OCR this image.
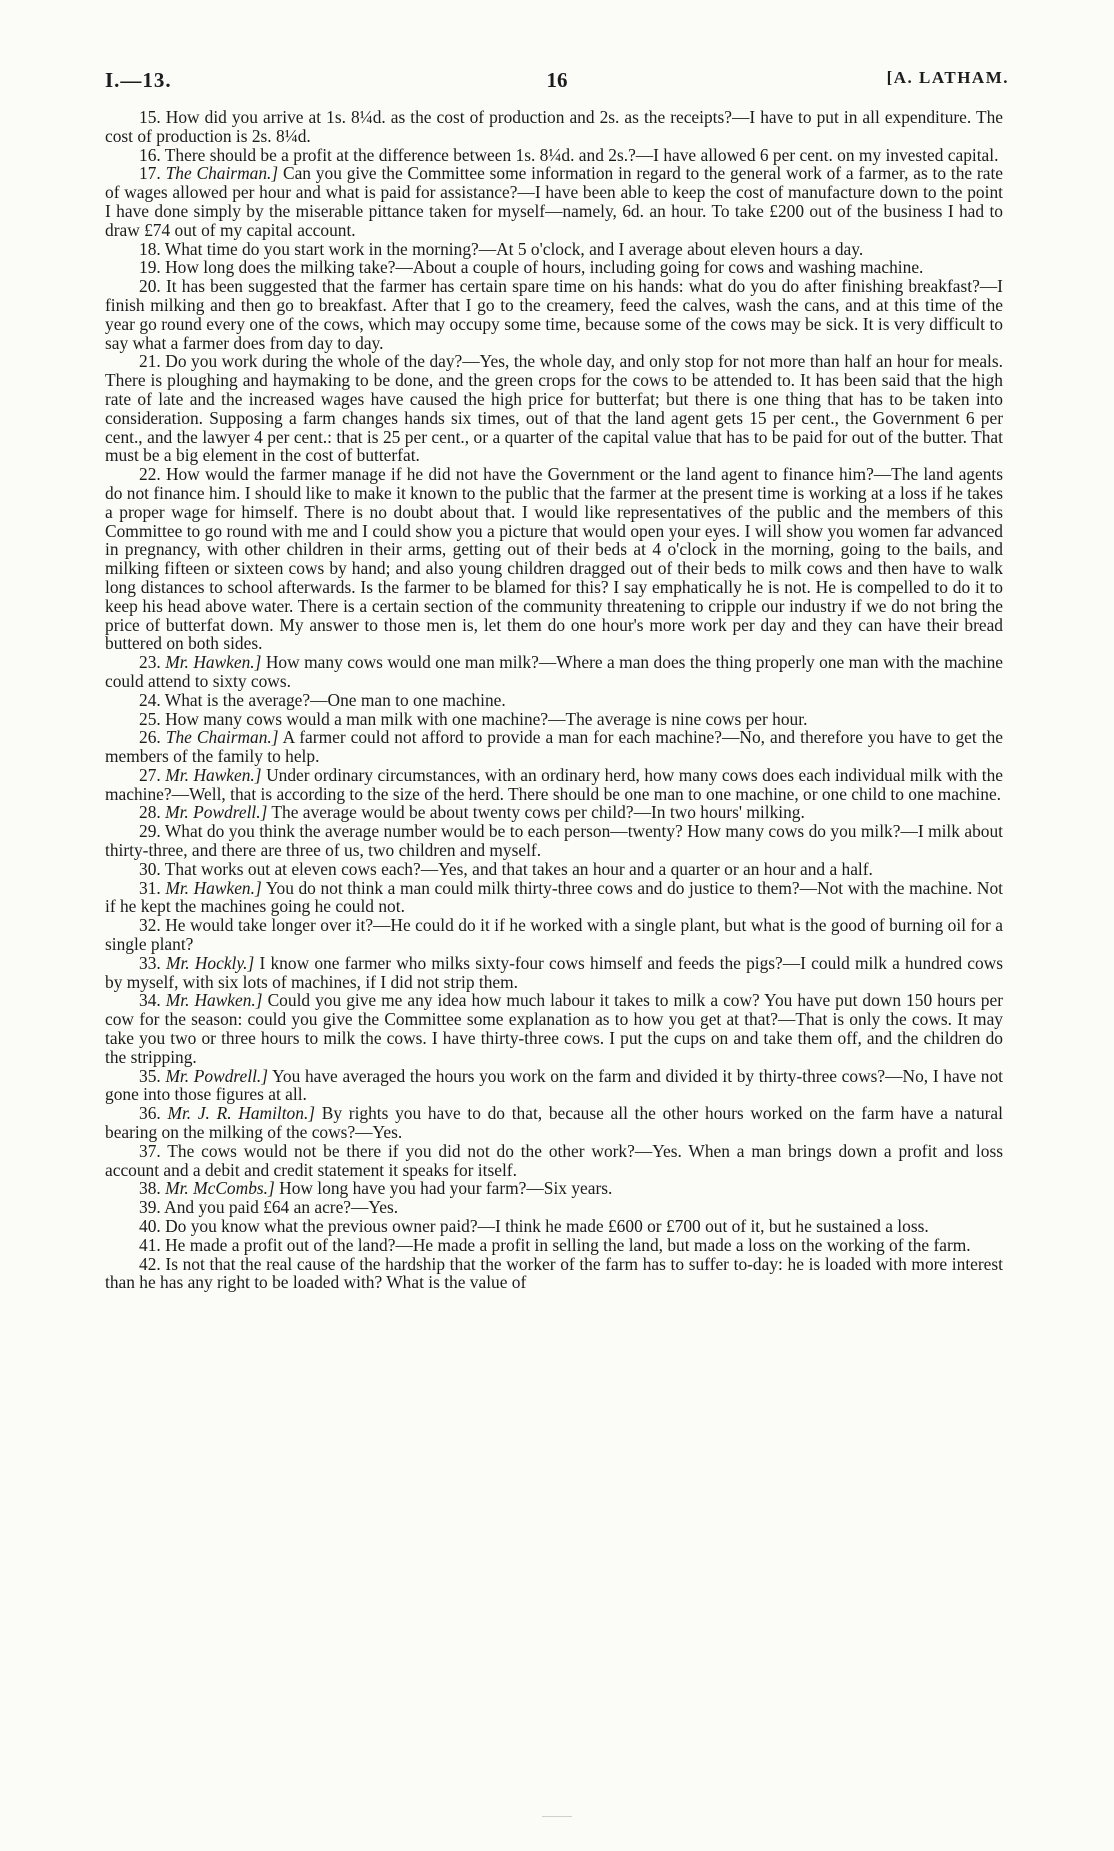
I.—13.	16	[A. LATHAM.

15. How did you arrive at 1s. 8¼d. as the cost of production and 2s. as the receipts?—I have to put in all expenditure. The cost of production is 2s. 8¼d.

16. There should be a profit at the difference between 1s. 8¼d. and 2s.?—I have allowed 6 per cent. on my invested capital.

17. The Chairman.] Can you give the Committee some information in regard to the general work of a farmer, as to the rate of wages allowed per hour and what is paid for assistance?—I have been able to keep the cost of manufacture down to the point I have done simply by the miserable pittance taken for myself—namely, 6d. an hour. To take £200 out of the business I had to draw £74 out of my capital account.

18. What time do you start work in the morning?—At 5 o'clock, and I average about eleven hours a day.

19. How long does the milking take?—About a couple of hours, including going for cows and washing machine.

20. It has been suggested that the farmer has certain spare time on his hands: what do you do after finishing breakfast?—I finish milking and then go to breakfast. After that I go to the creamery, feed the calves, wash the cans, and at this time of the year go round every one of the cows, which may occupy some time, because some of the cows may be sick. It is very difficult to say what a farmer does from day to day.

21. Do you work during the whole of the day?—Yes, the whole day, and only stop for not more than half an hour for meals. There is ploughing and haymaking to be done, and the green crops for the cows to be attended to. It has been said that the high rate of late and the increased wages have caused the high price for butterfat; but there is one thing that has to be taken into consideration. Supposing a farm changes hands six times, out of that the land agent gets 15 per cent., the Government 6 per cent., and the lawyer 4 per cent.: that is 25 per cent., or a quarter of the capital value that has to be paid for out of the butter. That must be a big element in the cost of butterfat.

22. How would the farmer manage if he did not have the Government or the land agent to finance him?—The land agents do not finance him. I should like to make it known to the public that the farmer at the present time is working at a loss if he takes a proper wage for himself. There is no doubt about that. I would like representatives of the public and the members of this Committee to go round with me and I could show you a picture that would open your eyes. I will show you women far advanced in pregnancy, with other children in their arms, getting out of their beds at 4 o'clock in the morning, going to the bails, and milking fifteen or sixteen cows by hand; and also young children dragged out of their beds to milk cows and then have to walk long distances to school afterwards. Is the farmer to be blamed for this? I say emphatically he is not. He is compelled to do it to keep his head above water. There is a certain section of the community threatening to cripple our industry if we do not bring the price of butterfat down. My answer to those men is, let them do one hour's more work per day and they can have their bread buttered on both sides.

23. Mr. Hawken.] How many cows would one man milk?—Where a man does the thing properly one man with the machine could attend to sixty cows.

24. What is the average?—One man to one machine.

25. How many cows would a man milk with one machine?—The average is nine cows per hour.

26. The Chairman.] A farmer could not afford to provide a man for each machine?—No, and therefore you have to get the members of the family to help.

27. Mr. Hawken.] Under ordinary circumstances, with an ordinary herd, how many cows does each individual milk with the machine?—Well, that is according to the size of the herd. There should be one man to one machine, or one child to one machine.

28. Mr. Powdrell.] The average would be about twenty cows per child?—In two hours' milking.

29. What do you think the average number would be to each person—twenty? How many cows do you milk?—I milk about thirty-three, and there are three of us, two children and myself.

30. That works out at eleven cows each?—Yes, and that takes an hour and a quarter or an hour and a half.

31. Mr. Hawken.] You do not think a man could milk thirty-three cows and do justice to them?—Not with the machine. Not if he kept the machines going he could not.

32. He would take longer over it?—He could do it if he worked with a single plant, but what is the good of burning oil for a single plant?

33. Mr. Hockly.] I know one farmer who milks sixty-four cows himself and feeds the pigs?—I could milk a hundred cows by myself, with six lots of machines, if I did not strip them.

34. Mr. Hawken.] Could you give me any idea how much labour it takes to milk a cow? You have put down 150 hours per cow for the season: could you give the Committee some explanation as to how you get at that?—That is only the cows. It may take you two or three hours to milk the cows. I have thirty-three cows. I put the cups on and take them off, and the children do the stripping.

35. Mr. Powdrell.] You have averaged the hours you work on the farm and divided it by thirty-three cows?—No, I have not gone into those figures at all.

36. Mr. J. R. Hamilton.] By rights you have to do that, because all the other hours worked on the farm have a natural bearing on the milking of the cows?—Yes.

37. The cows would not be there if you did not do the other work?—Yes. When a man brings down a profit and loss account and a debit and credit statement it speaks for itself.

38. Mr. McCombs.] How long have you had your farm?—Six years.

39. And you paid £64 an acre?—Yes.

40. Do you know what the previous owner paid?—I think he made £600 or £700 out of it, but he sustained a loss.

41. He made a profit out of the land?—He made a profit in selling the land, but made a loss on the working of the farm.

42. Is not that the real cause of the hardship that the worker of the farm has to suffer to-day: he is loaded with more interest than he has any right to be loaded with? What is the value of
